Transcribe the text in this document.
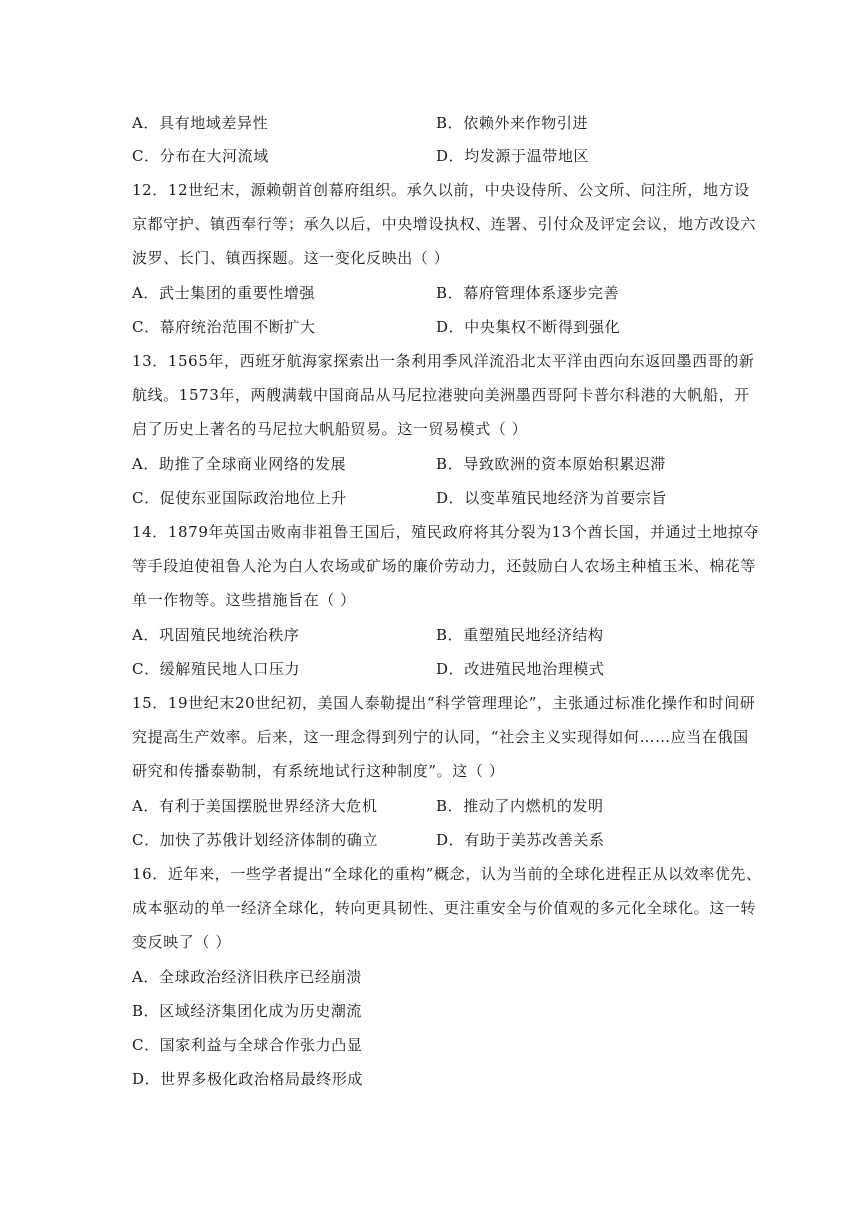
A．具有地域差异性	B．依赖外来作物引进
C．分布在大河流域	D．均发源于温带地区
12．12世纪末，源赖朝首创幕府组织。承久以前，中央设侍所、公文所、问注所，地方设
京都守护、镇西奉行等；承久以后，中央增设执权、连署、引付众及评定会议，地方改设六
波罗、长门、镇西探题。这一变化反映出（ ）
A．武士集团的重要性增强	B．幕府管理体系逐步完善
C．幕府统治范围不断扩大	D．中央集权不断得到强化
13．1565年，西班牙航海家探索出一条利用季风洋流沿北太平洋由西向东返回墨西哥的新
航线。1573年，两艘满载中国商品从马尼拉港驶向美洲墨西哥阿卡普尔科港的大帆船，开
启了历史上著名的马尼拉大帆船贸易。这一贸易模式（ ）
A．助推了全球商业网络的发展	B．导致欧洲的资本原始积累迟滞
C．促使东亚国际政治地位上升	D．以变革殖民地经济为首要宗旨
14．1879年英国击败南非祖鲁王国后，殖民政府将其分裂为13个酋长国，并通过土地掠夺
等手段迫使祖鲁人沦为白人农场或矿场的廉价劳动力，还鼓励白人农场主种植玉米、棉花等
单一作物等。这些措施旨在（ ）
A．巩固殖民地统治秩序	B．重塑殖民地经济结构
C．缓解殖民地人口压力	D．改进殖民地治理模式
15．19世纪末20世纪初，美国人泰勒提出“科学管理理论”，主张通过标准化操作和时间研
究提高生产效率。后来，这一理念得到列宁的认同，“社会主义实现得如何……应当在俄国
研究和传播泰勒制，有系统地试行这种制度”。这（ ）
A．有利于美国摆脱世界经济大危机	B．推动了内燃机的发明
C．加快了苏俄计划经济体制的确立	D．有助于美苏改善关系
16．近年来，一些学者提出“全球化的重构”概念，认为当前的全球化进程正从以效率优先、
成本驱动的单一经济全球化，转向更具韧性、更注重安全与价值观的多元化全球化。这一转
变反映了（ ）
A．全球政治经济旧秩序已经崩溃
B．区域经济集团化成为历史潮流
C．国家利益与全球合作张力凸显
D．世界多极化政治格局最终形成
